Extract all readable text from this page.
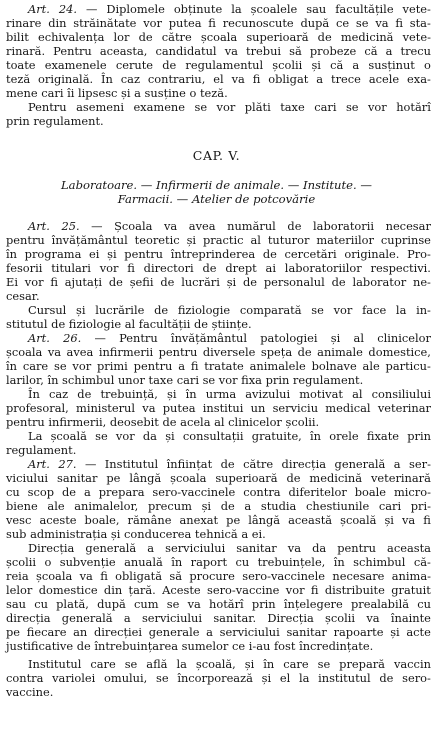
Art. 24. — Diplomele obținute la școalele sau facultățile vete-
rinare din străinătate vor putea fi recunoscute după ce se va fi sta-
bilit echivalența lor de către școala superioară de medicină vete-
rinară. Pentru aceasta, candidatul va trebui să probeze că a trecu
toate examenele cerute de regulamentul școlii și că a susținut o
teză originală. În caz contrariu, el va fi obligat a trece acele exa-
mene cari îi lipsesc și a susține o teză.
Pentru asemeni examene se vor plăti taxe cari se vor hotărî
prin regulament.
CAP. V.
Laboratoare. — Infirmerii de animale. — Institute. —
Farmacii. — Atelier de potcovărie
Art. 25. — Școala va avea numărul de laboratorii necesar
pentru învățământul teoretic și practic al tuturor materiilor cuprinse
în programa ei și pentru întreprinderea de cercetări originale. Pro-
fesorii titulari vor fi directori de drept ai laboratoriilor respectivi.
Ei vor fi ajutați de șefii de lucrări și de personalul de laborator ne-
cesar.
Cursul și lucrările de fiziologie comparată se vor face la in-
stitutul de fiziologie al facultății de științe.
Art. 26. — Pentru învățământul patologiei și al clinicelor
școala va avea infirmerii pentru diversele speța de animale domestice,
în care se vor primi pentru a fi tratate animalele bolnave ale particu-
larilor, în schimbul unor taxe cari se vor fixa prin regulament.
În caz de trebuință, și în urma avizului motivat al consiliului
profesoral, ministerul va putea institui un serviciu medical veterinar
pentru infirmerii, deosebit de acela al clinicelor școlii.
La școală se vor da și consultații gratuite, în orele fixate prin
regulament.
Art. 27. — Institutul înființat de către direcția generală a ser-
viciului sanitar pe lângă școala superioară de medicină veterinară
cu scop de a prepara sero-vaccinele contra diferitelor boale micro-
biene ale animalelor, precum și de a studia chestiunile cari pri-
vesc aceste boale, rămâne anexat pe lângă această școală și va fi
sub administrația și conducerea tehnică a ei.
Direcția generală a serviciului sanitar va da pentru aceasta
școlii o subvenție anuală în raport cu trebuințele, în schimbul că-
reia școala va fi obligată să procure sero-vaccinele necesare anima-
lelor domestice din țară. Aceste sero-vaccine vor fi distribuite gratuit
sau cu plată, după cum se va hotărî prin înțelegere prealabilă cu
direcția generală a serviciului sanitar. Direcția școlii va înainte
pe fiecare an direcției generale a serviciului sanitar rapoarte și acte
justificative de întrebuințarea sumelor ce i-au fost încredințate.
Institutul care se află la școală, și în care se prepară vaccin
contra variolei omului, se încorporează și el la institutul de sero-
vaccine.
